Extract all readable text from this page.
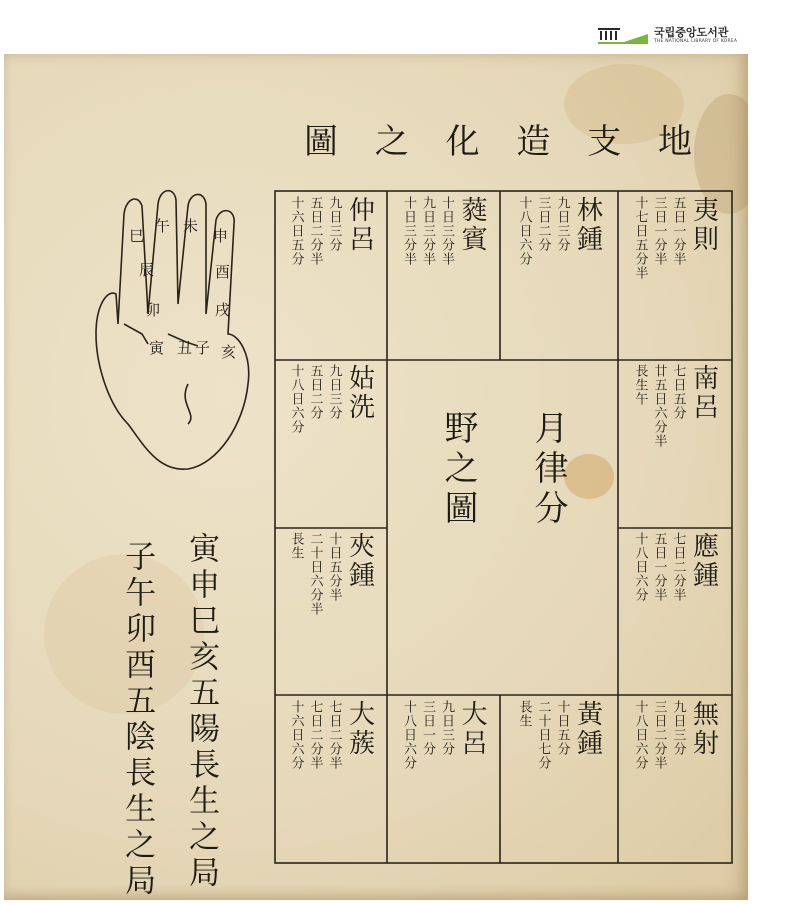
국립중앙도서관
THE NATIONAL LIBRARY OF KOREA
圖 之 化 造 支 地
申
酉
戌
亥
未
午
巳
辰
卯
寅 丑 子
夷則
五日一分半
三日一分半
十七日五分半
林鍾
九日三分
三日二分
十八日六分
蕤賓
十日三分半
九日三分半
十日三分半
仲呂
九日三分
五日二分半
十六日五分
南呂
七日五分
廿五日六分半
長生午
姑洗
九日三分
五日二分
十八日六分
月律分
野之圖
應鍾
七日二分半
五日一分半
十八日六分
夾鍾
十日五分半
二十日六分半
長生
無射
九日三分
三日二分半
十八日六分
黃鍾
十日五分
二十日七分
長生
大呂
九日三分
三日一分
十八日六分
大蔟
七日二分半
七日二分半
十六日六分
寅申巳亥五陽長生之局
子午卯酉五陰長生之局
